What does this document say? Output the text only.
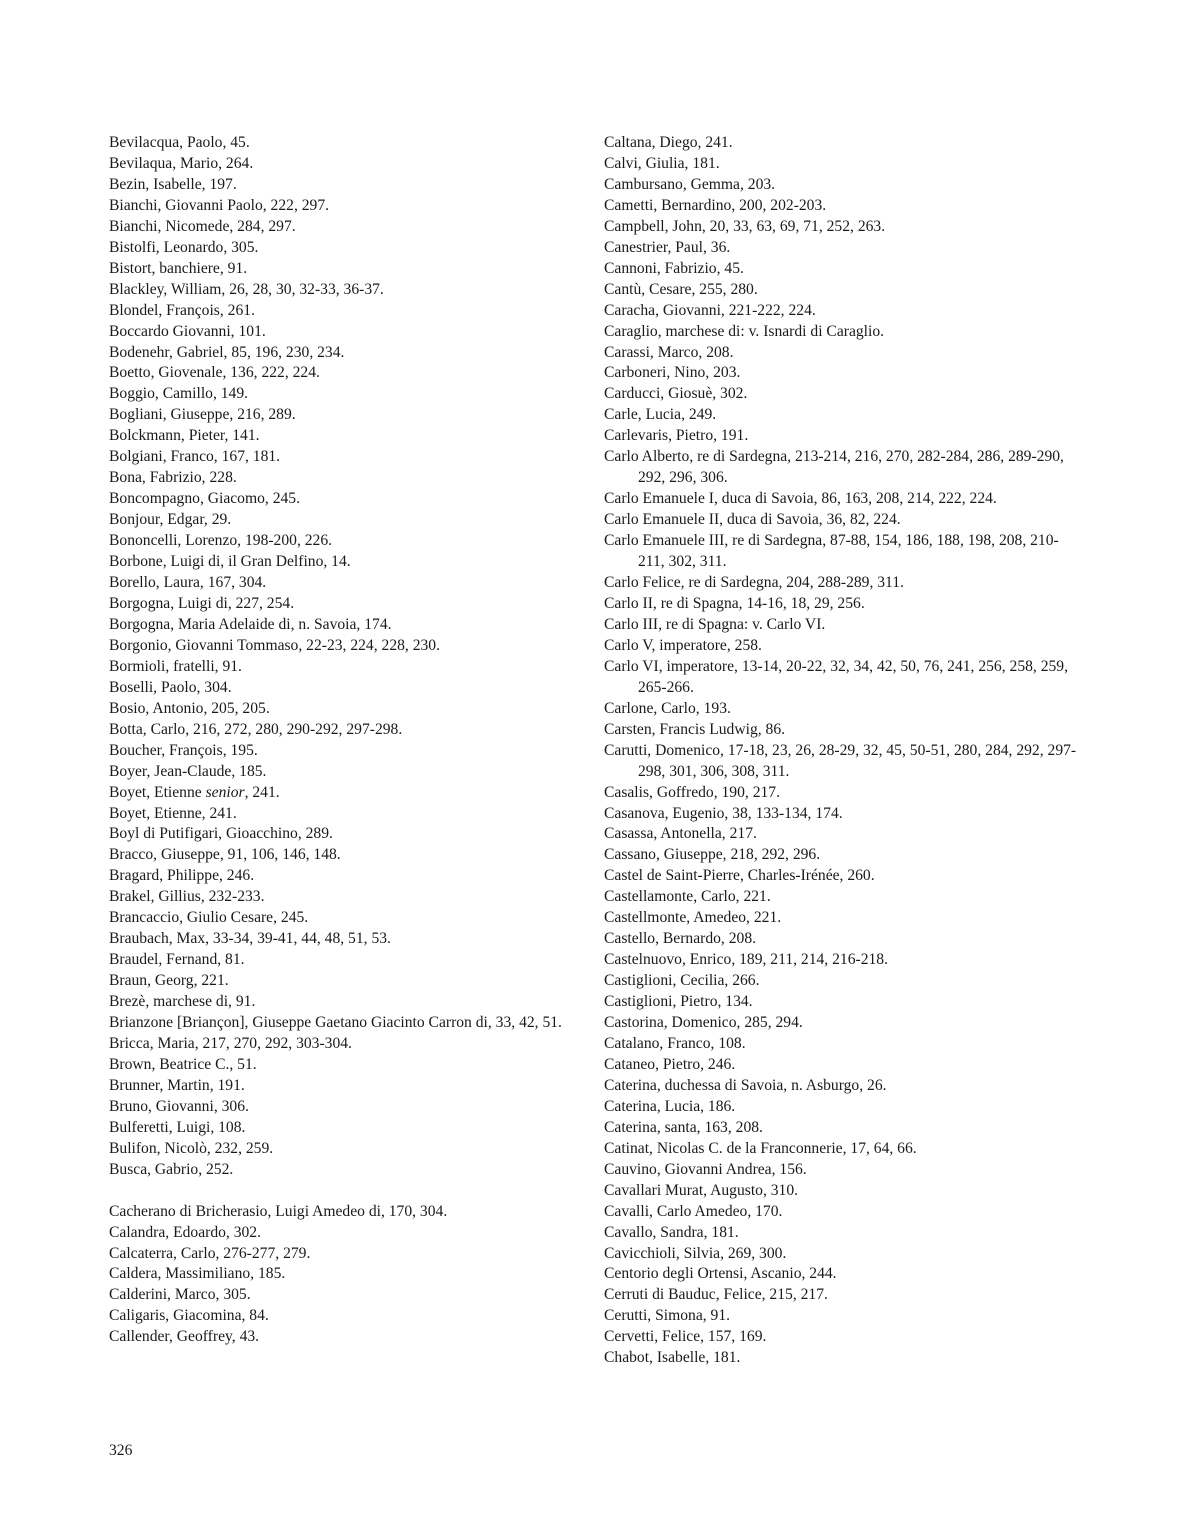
Bevilacqua, Paolo, 45.
Bevilaqua, Mario, 264.
Bezin, Isabelle, 197.
Bianchi, Giovanni Paolo, 222, 297.
Bianchi, Nicomede, 284, 297.
Bistolfi, Leonardo, 305.
Bistort, banchiere, 91.
Blackley, William, 26, 28, 30, 32-33, 36-37.
Blondel, François, 261.
Boccardo Giovanni, 101.
Bodenehr, Gabriel, 85, 196, 230, 234.
Boetto, Giovenale, 136, 222, 224.
Boggio, Camillo, 149.
Bogliani, Giuseppe, 216, 289.
Bolckmann, Pieter, 141.
Bolgiani, Franco, 167, 181.
Bona, Fabrizio, 228.
Boncompagno, Giacomo, 245.
Bonjour, Edgar, 29.
Bononcelli, Lorenzo, 198-200, 226.
Borbone, Luigi di, il Gran Delfino, 14.
Borello, Laura, 167, 304.
Borgogna, Luigi di, 227, 254.
Borgogna, Maria Adelaide di, n. Savoia, 174.
Borgonio, Giovanni Tommaso, 22-23, 224, 228, 230.
Bormioli, fratelli, 91.
Boselli, Paolo, 304.
Bosio, Antonio, 205, 205.
Botta, Carlo, 216, 272, 280, 290-292, 297-298.
Boucher, François, 195.
Boyer, Jean-Claude, 185.
Boyet, Etienne senior, 241.
Boyet, Etienne, 241.
Boyl di Putifigari, Gioacchino, 289.
Bracco, Giuseppe, 91, 106, 146, 148.
Bragard, Philippe, 246.
Brakel, Gillius, 232-233.
Brancaccio, Giulio Cesare, 245.
Braubach, Max, 33-34, 39-41, 44, 48, 51, 53.
Braudel, Fernand, 81.
Braun, Georg, 221.
Brezè, marchese di, 91.
Brianzone [Briançon], Giuseppe Gaetano Giacinto Carron di, 33, 42, 51.
Bricca, Maria, 217, 270, 292, 303-304.
Brown, Beatrice C., 51.
Brunner, Martin, 191.
Bruno, Giovanni, 306.
Bulferetti, Luigi, 108.
Bulifon, Nicolò, 232, 259.
Busca, Gabrio, 252.
Cacherano di Bricherasio, Luigi Amedeo di, 170, 304.
Calandra, Edoardo, 302.
Calcaterra, Carlo, 276-277, 279.
Caldera, Massimiliano, 185.
Calderini, Marco, 305.
Caligaris, Giacomina, 84.
Callender, Geoffrey, 43.
Caltana, Diego, 241.
Calvi, Giulia, 181.
Cambursano, Gemma, 203.
Cametti, Bernardino, 200, 202-203.
Campbell, John, 20, 33, 63, 69, 71, 252, 263.
Canestrier, Paul, 36.
Cannoni, Fabrizio, 45.
Cantù, Cesare, 255, 280.
Caracha, Giovanni, 221-222, 224.
Caraglio, marchese di: v. Isnardi di Caraglio.
Carassi, Marco, 208.
Carboneri, Nino, 203.
Carducci, Giosuè, 302.
Carle, Lucia, 249.
Carlevaris, Pietro, 191.
Carlo Alberto, re di Sardegna, 213-214, 216, 270, 282-284, 286, 289-290, 292, 296, 306.
Carlo Emanuele I, duca di Savoia, 86, 163, 208, 214, 222, 224.
Carlo Emanuele II, duca di Savoia, 36, 82, 224.
Carlo Emanuele III, re di Sardegna, 87-88, 154, 186, 188, 198, 208, 210-211, 302, 311.
Carlo Felice, re di Sardegna, 204, 288-289, 311.
Carlo II, re di Spagna, 14-16, 18, 29, 256.
Carlo III, re di Spagna: v. Carlo VI.
Carlo V, imperatore, 258.
Carlo VI, imperatore, 13-14, 20-22, 32, 34, 42, 50, 76, 241, 256, 258, 259, 265-266.
Carlone, Carlo, 193.
Carsten, Francis Ludwig, 86.
Carutti, Domenico, 17-18, 23, 26, 28-29, 32, 45, 50-51, 280, 284, 292, 297-298, 301, 306, 308, 311.
Casalis, Goffredo, 190, 217.
Casanova, Eugenio, 38, 133-134, 174.
Casassa, Antonella, 217.
Cassano, Giuseppe, 218, 292, 296.
Castel de Saint-Pierre, Charles-Irénée, 260.
Castellamonte, Carlo, 221.
Castellmonte, Amedeo, 221.
Castello, Bernardo, 208.
Castelnuovo, Enrico, 189, 211, 214, 216-218.
Castiglioni, Cecilia, 266.
Castiglioni, Pietro, 134.
Castorina, Domenico, 285, 294.
Catalano, Franco, 108.
Cataneo, Pietro, 246.
Caterina, duchessa di Savoia, n. Asburgo, 26.
Caterina, Lucia, 186.
Caterina, santa, 163, 208.
Catinat, Nicolas C. de la Franconnerie, 17, 64, 66.
Cauvino, Giovanni Andrea, 156.
Cavallari Murat, Augusto, 310.
Cavalli, Carlo Amedeo, 170.
Cavallo, Sandra, 181.
Cavicchioli, Silvia, 269, 300.
Centorio degli Ortensi, Ascanio, 244.
Cerruti di Bauduc, Felice, 215, 217.
Cerutti, Simona, 91.
Cervetti, Felice, 157, 169.
Chabot, Isabelle, 181.
326
